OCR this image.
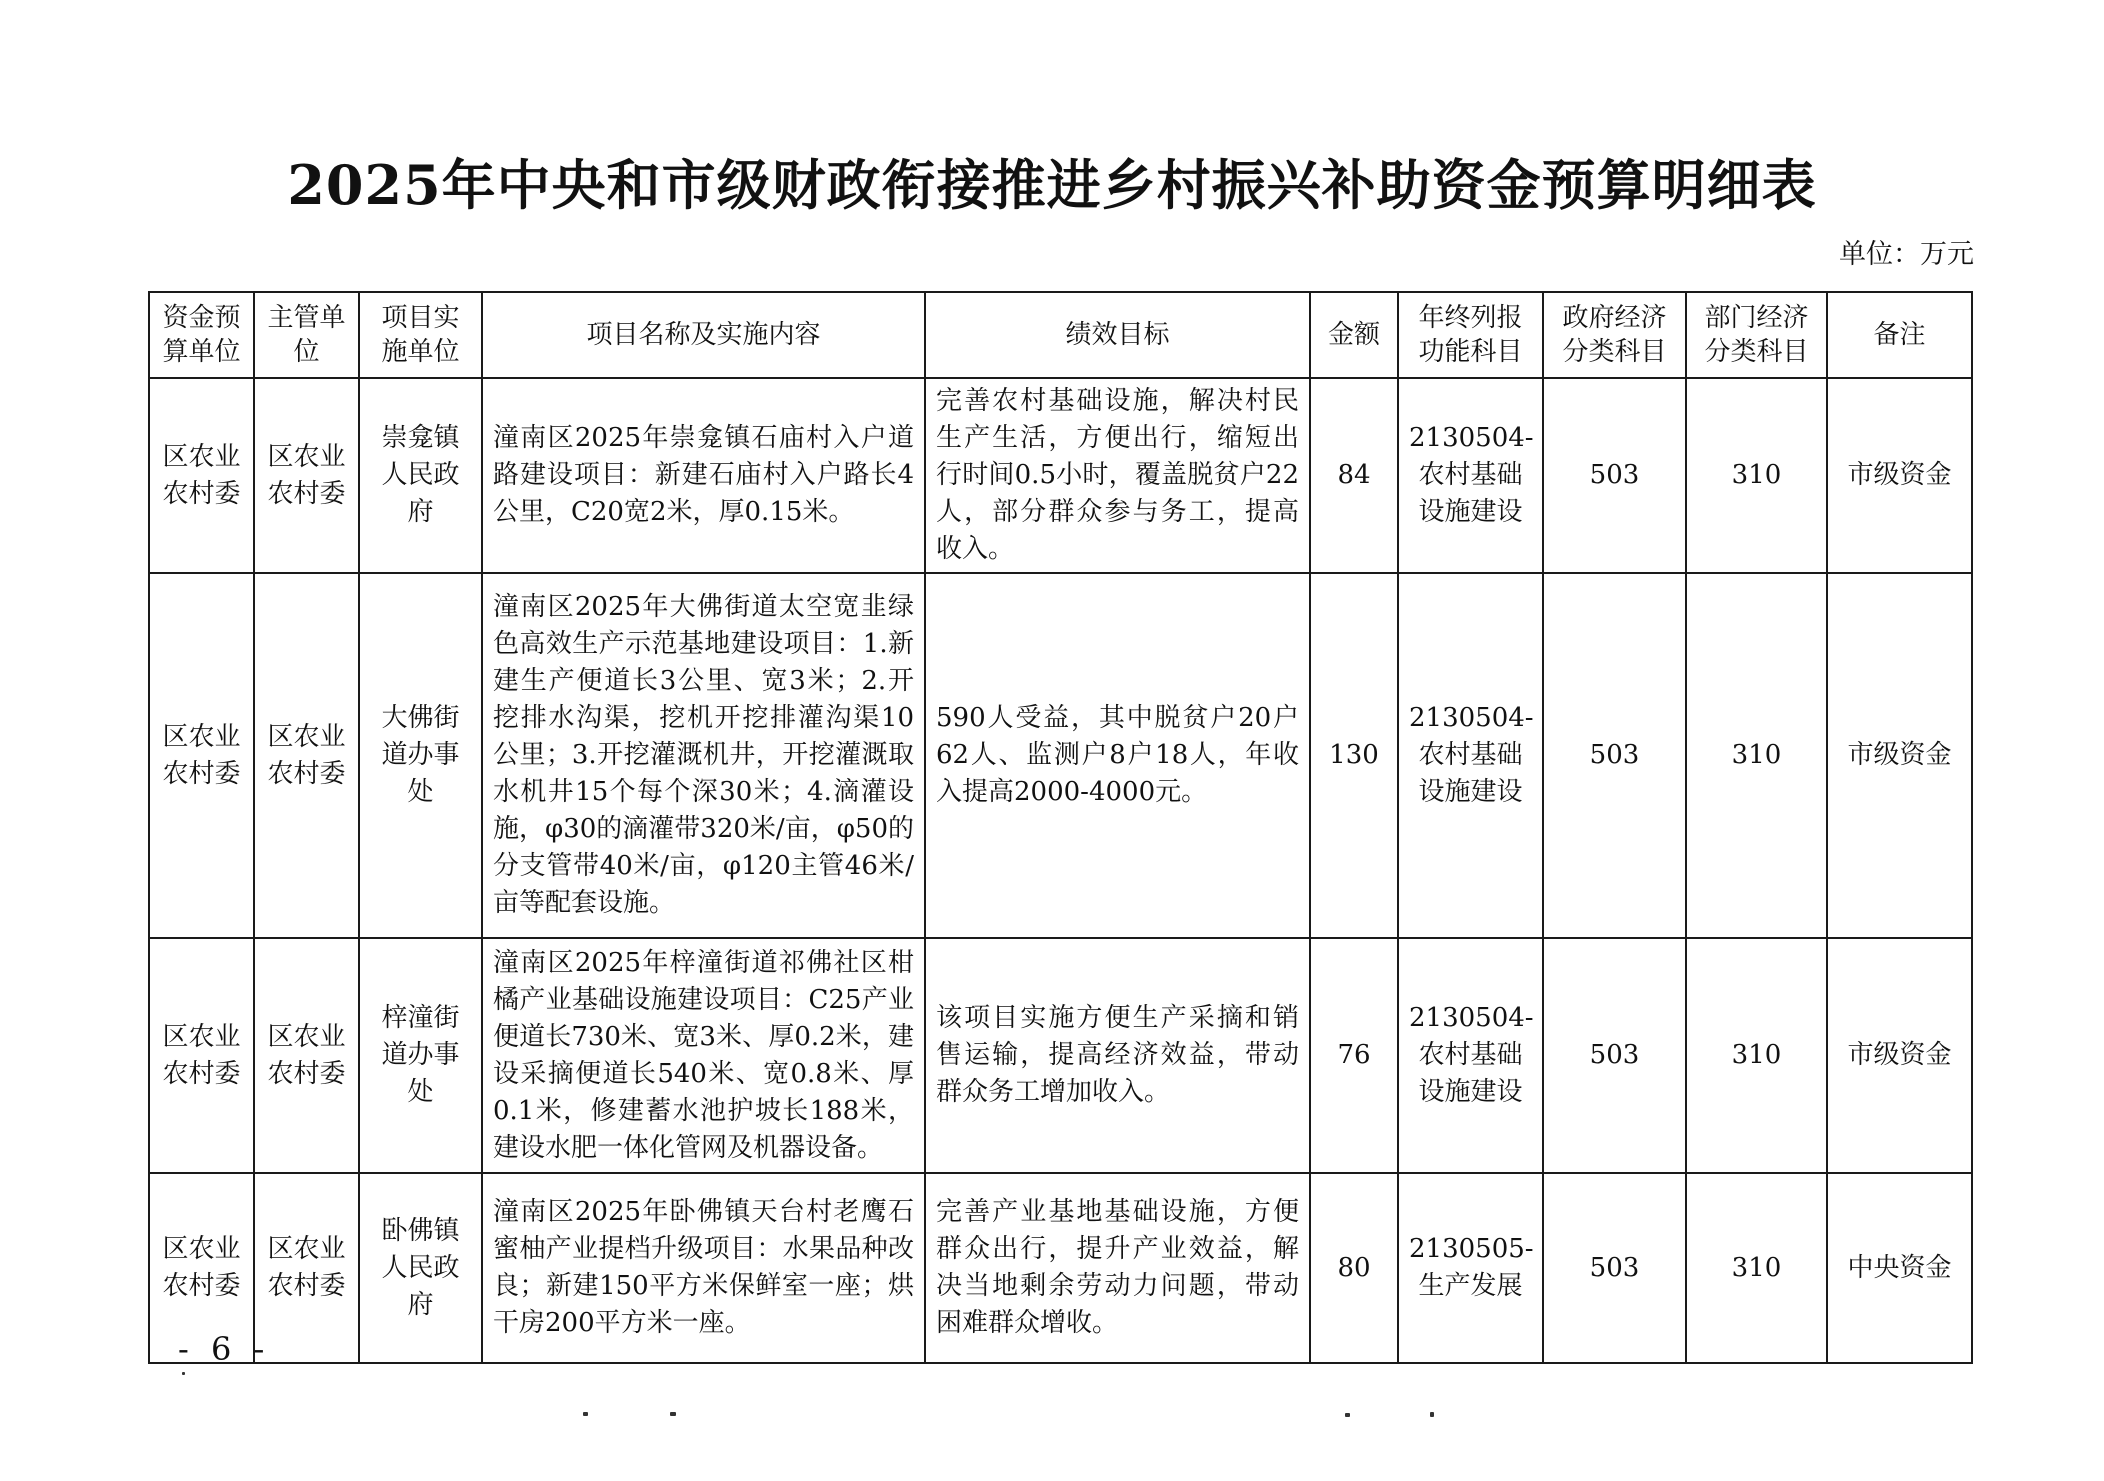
2025年中央和市级财政衔接推进乡村振兴补助资金预算明细表
单位：万元
资金预算单位	主管单位	项目实施单位	项目名称及实施内容	绩效目标	金额	年终列报功能科目	政府经济分类科目	部门经济分类科目	备注
区农业农村委	区农业农村委	崇龛镇人民政府	潼南区2025年崇龛镇石庙村入户道路建设项目：新建石庙村入户路长4公里，C20宽2米，厚0.15米。	完善农村基础设施，解决村民生产生活，方便出行，缩短出行时间0.5小时，覆盖脱贫户22人，部分群众参与务工，提高收入。	84	2130504-农村基础设施建设	503	310	市级资金
区农业农村委	区农业农村委	大佛街道办事处	潼南区2025年大佛街道太空宽韭绿色高效生产示范基地建设项目：1.新建生产便道长3公里、宽3米；2.开挖排水沟渠，挖机开挖排灌沟渠10公里；3.开挖灌溉机井，开挖灌溉取水机井15个每个深30米；4.滴灌设施，φ30的滴灌带320米/亩，φ50的分支管带40米/亩，φ120主管46米/亩等配套设施。	590人受益，其中脱贫户20户62人、监测户8户18人，年收入提高2000-4000元。	130	2130504-农村基础设施建设	503	310	市级资金
区农业农村委	区农业农村委	梓潼街道办事处	潼南区2025年梓潼街道祁佛社区柑橘产业基础设施建设项目：C25产业便道长730米、宽3米、厚0.2米，建设采摘便道长540米、宽0.8米、厚0.1米，修建蓄水池护坡长188米，建设水肥一体化管网及机器设备。	该项目实施方便生产采摘和销售运输，提高经济效益，带动群众务工增加收入。	76	2130504-农村基础设施建设	503	310	市级资金
区农业农村委	区农业农村委	卧佛镇人民政府	潼南区2025年卧佛镇天台村老鹰石蜜柚产业提档升级项目：水果品种改良；新建150平方米保鲜室一座；烘干房200平方米一座。	完善产业基地基础设施，方便群众出行，提升产业效益，解决当地剩余劳动力问题，带动困难群众增收。	80	2130505-生产发展	503	310	中央资金
- 6 -
